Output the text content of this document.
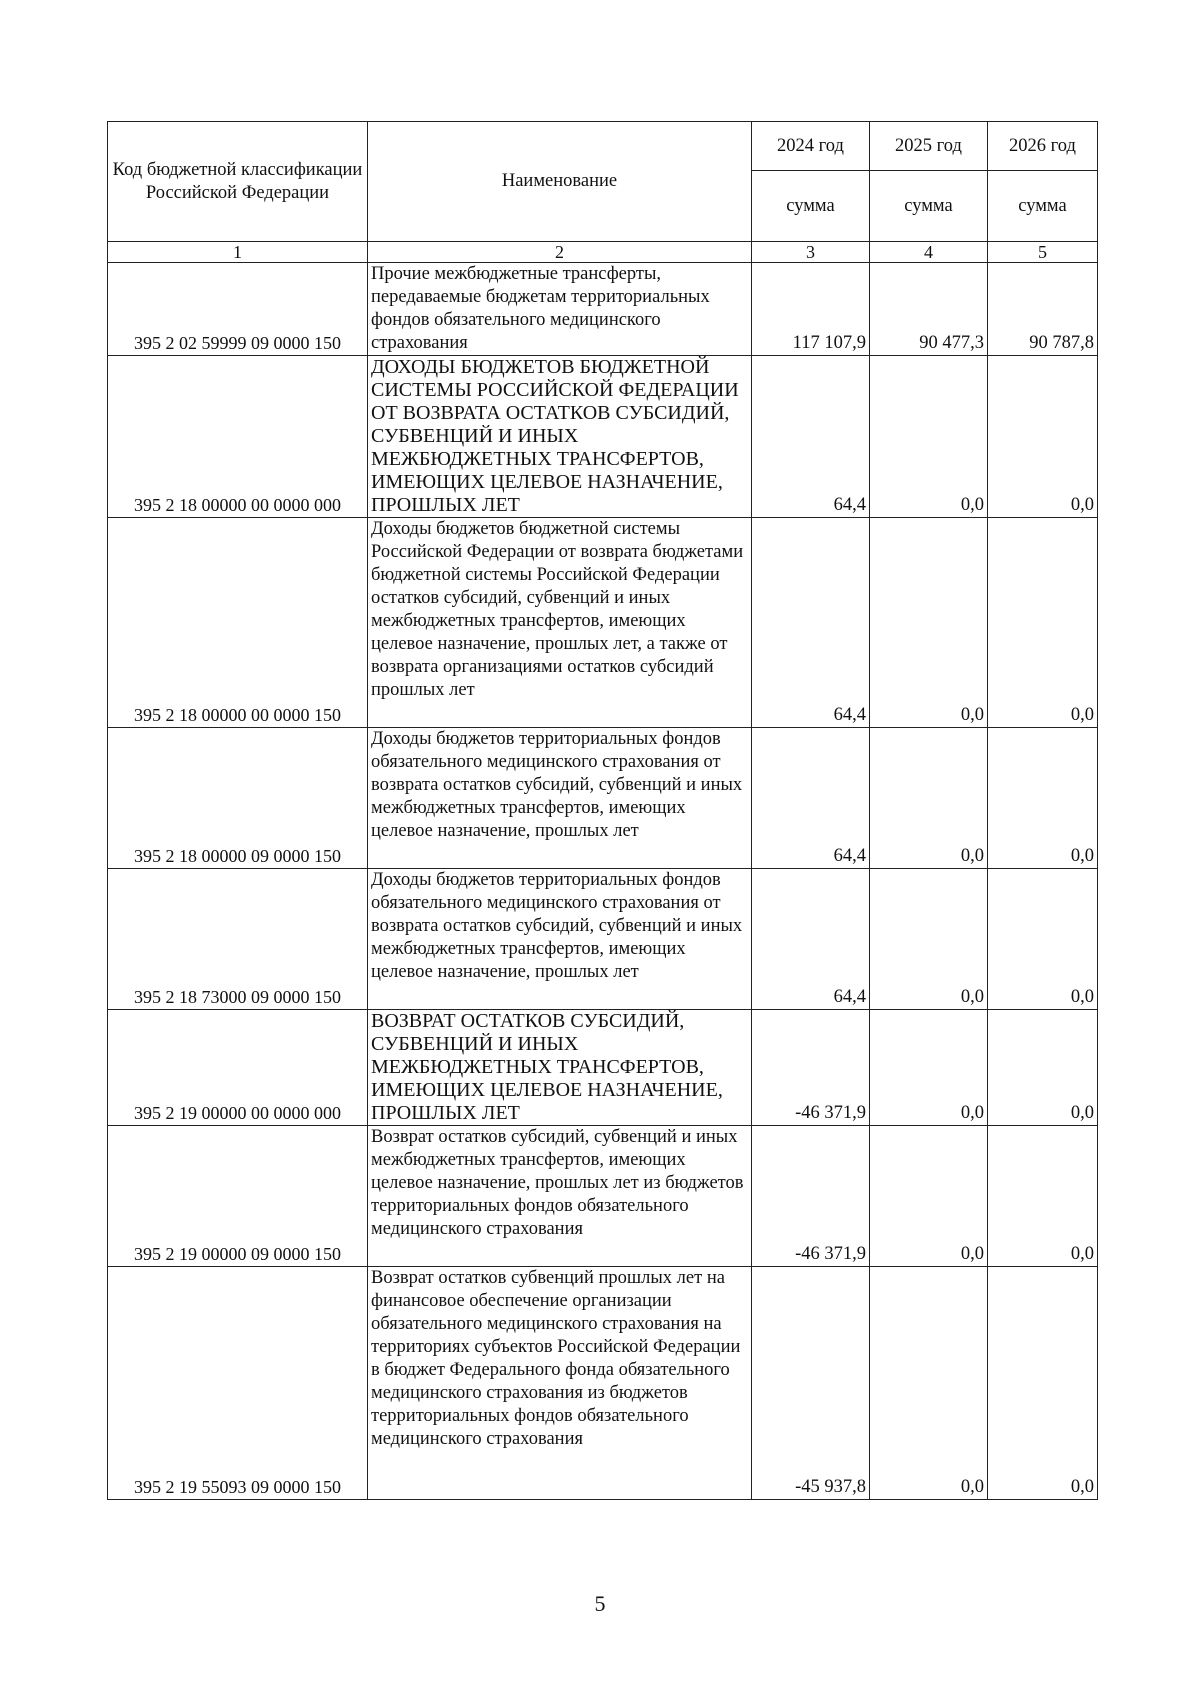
Код бюджетной классификации Российской Федерации	Наименование	2024 год	2025 год	2026 год
		сумма	сумма	сумма
1	2	3	4	5
395 2 02 59999 09 0000 150	Прочие межбюджетные трансферты, передаваемые бюджетам территориальных фондов обязательного медицинского страхования	117 107,9	90 477,3	90 787,8
395 2 18 00000 00 0000 000	ДОХОДЫ БЮДЖЕТОВ БЮДЖЕТНОЙ СИСТЕМЫ РОССИЙСКОЙ ФЕДЕРАЦИИ ОТ ВОЗВРАТА ОСТАТКОВ СУБСИДИЙ, СУБВЕНЦИЙ И ИНЫХ МЕЖБЮДЖЕТНЫХ ТРАНСФЕРТОВ, ИМЕЮЩИХ ЦЕЛЕВОЕ НАЗНАЧЕНИЕ, ПРОШЛЫХ ЛЕТ	64,4	0,0	0,0
395 2 18 00000 00 0000 150	Доходы бюджетов бюджетной системы Российской Федерации от возврата бюджетами бюджетной системы Российской Федерации остатков субсидий, субвенций и иных межбюджетных трансфертов, имеющих целевое назначение, прошлых лет, а также от возврата организациями остатков субсидий прошлых лет	64,4	0,0	0,0
395 2 18 00000 09 0000 150	Доходы бюджетов территориальных фондов обязательного медицинского страхования от возврата остатков субсидий, субвенций и иных межбюджетных трансфертов, имеющих целевое назначение, прошлых лет	64,4	0,0	0,0
395 2 18 73000 09 0000 150	Доходы бюджетов территориальных фондов обязательного медицинского страхования от возврата остатков субсидий, субвенций и иных межбюджетных трансфертов, имеющих целевое назначение, прошлых лет	64,4	0,0	0,0
395 2 19 00000 00 0000 000	ВОЗВРАТ ОСТАТКОВ СУБСИДИЙ, СУБВЕНЦИЙ И ИНЫХ МЕЖБЮДЖЕТНЫХ ТРАНСФЕРТОВ, ИМЕЮЩИХ ЦЕЛЕВОЕ НАЗНАЧЕНИЕ, ПРОШЛЫХ ЛЕТ	-46 371,9	0,0	0,0
395 2 19 00000 09 0000 150	Возврат остатков субсидий, субвенций и иных межбюджетных трансфертов, имеющих целевое назначение, прошлых лет из бюджетов территориальных фондов обязательного медицинского страхования	-46 371,9	0,0	0,0
395 2 19 55093 09 0000 150	Возврат остатков субвенций прошлых лет на финансовое обеспечение организации обязательного медицинского страхования на территориях субъектов Российской Федерации в бюджет Федерального фонда обязательного медицинского страхования из бюджетов территориальных фондов обязательного медицинского страхования	-45 937,8	0,0	0,0
5
